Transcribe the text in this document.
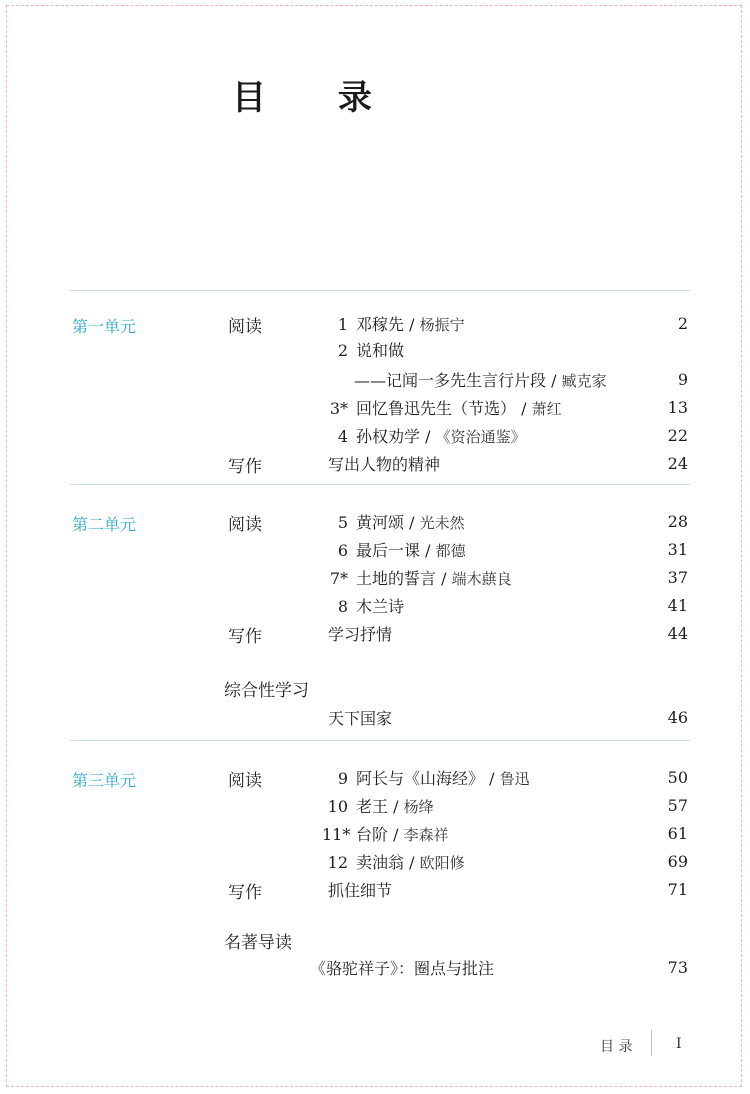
目 录
第一单元	阅读	1 邓稼先 / 杨振宁	2
2 说和做
——记闻一多先生言行片段 / 臧克家	9
3* 回忆鲁迅先生（节选） / 萧红	13
4 孙权劝学 / 《资治通鉴》	22
写作	写出人物的精神	24
第二单元	阅读	5 黄河颂 / 光未然	28
6 最后一课 / 都德	31
7* 土地的誓言 / 端木蕻良	37
8 木兰诗	41
写作	学习抒情	44
综合性学习
天下国家	46
第三单元	阅读	9 阿长与《山海经》 / 鲁迅	50
10 老王 / 杨绛	57
11* 台阶 / 李森祥	61
12 卖油翁 / 欧阳修	69
写作	抓住细节	71
名著导读
《骆驼祥子》：圈点与批注	73
目 录	I
